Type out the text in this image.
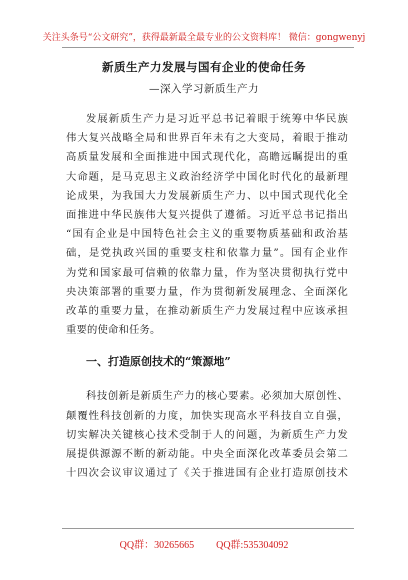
关注头条号“公文研究”，获得最新最全最专业的公文资料库！ 微信：gongwenyj
新质生产力发展与国有企业的使命任务
—深入学习新质生产力
一、打造原创技术的“策源地”
QQ群：30265665 QQ群:535304092
发展新质生产力是习近平总书记着眼于统筹中华民族
伟大复兴战略全局和世界百年未有之大变局，着眼于推动
高质量发展和全面推进中国式现代化，高瞻远瞩提出的重
大命题，是马克思主义政治经济学中国化时代化的最新理
论成果，为我国大力发展新质生产力、以中国式现代化全
面推进中华民族伟大复兴提供了遵循。习近平总书记指出
“国有企业是中国特色社会主义的重要物质基础和政治基
础，是党执政兴国的重要支柱和依靠力量”。国有企业作
为党和国家最可信赖的依靠力量，作为坚决贯彻执行党中
央决策部署的重要力量，作为贯彻新发展理念、全面深化
改革的重要力量，在推动新质生产力发展过程中应该承担
重要的使命和任务。
科技创新是新质生产力的核心要素。必须加大原创性、
颠覆性科技创新的力度，加快实现高水平科技自立自强，
切实解决关键核心技术受制于人的问题，为新质生产力发
展提供源源不断的新动能。中央全面深化改革委员会第二
十四次会议审议通过了《关于推进国有企业打造原创技术
